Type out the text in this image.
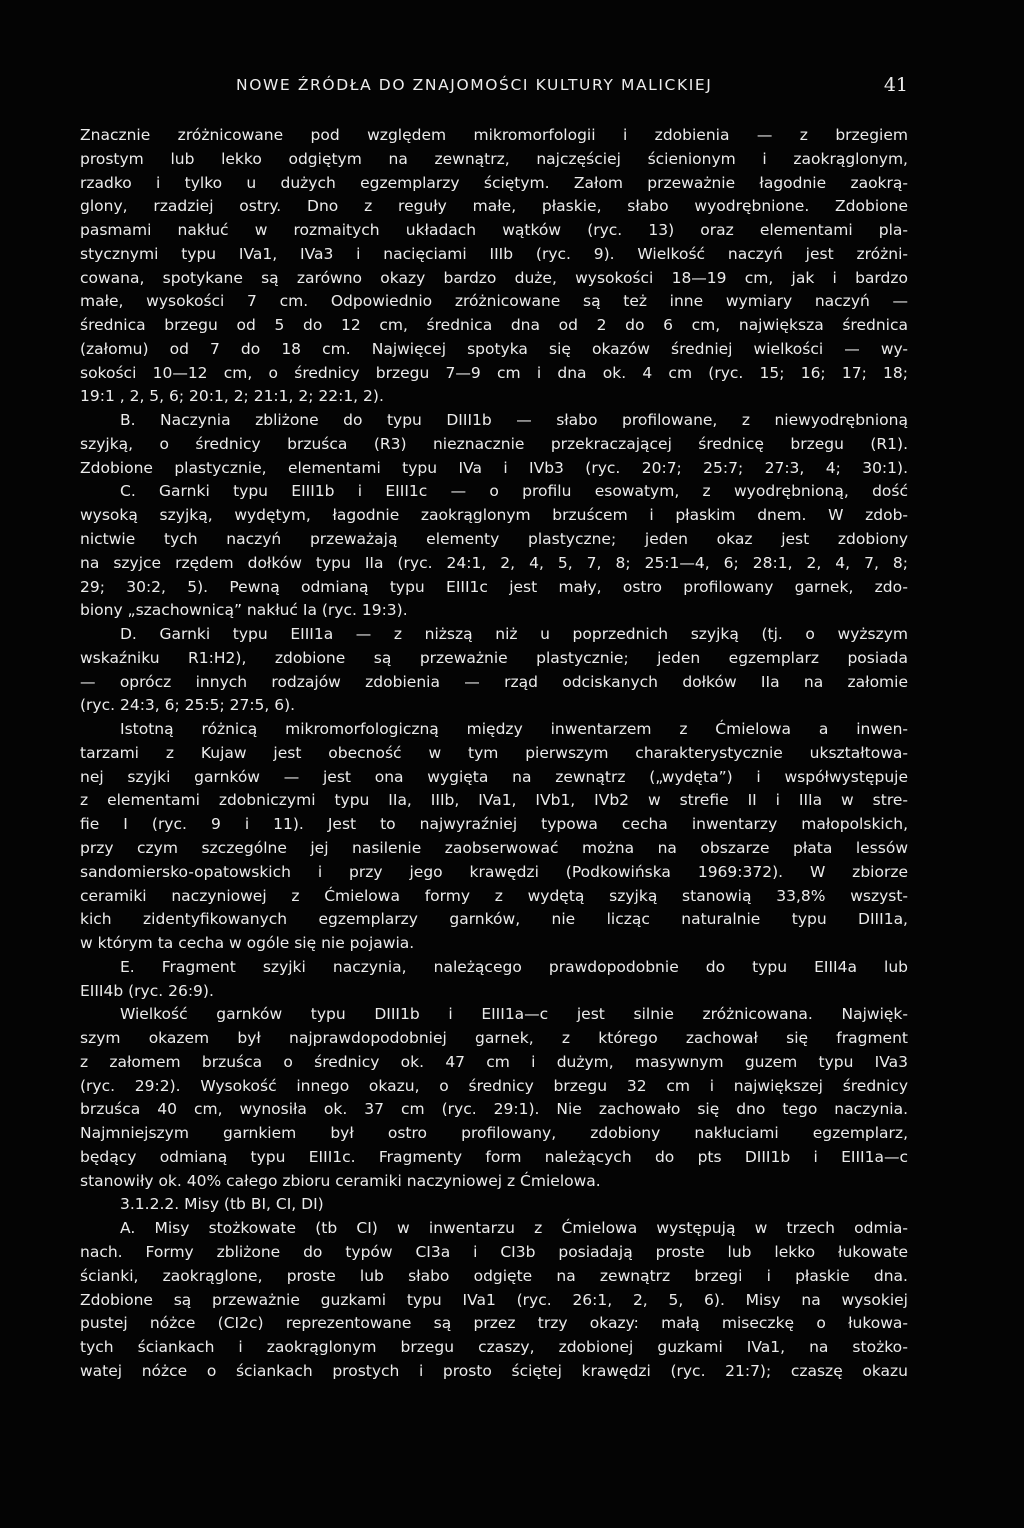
NOWE ŹRÓDŁA DO ZNAJOMOŚCI KULTURY MALICKIEJ	41
Znacznie zróżnicowane pod względem mikromorfologii i zdobienia — z brzegiem
prostym lub lekko odgiętym na zewnątrz, najczęściej ścienionym i zaokrąglonym,
rzadko i tylko u dużych egzemplarzy ściętym. Załom przeważnie łagodnie zaokrą-
glony, rzadziej ostry. Dno z reguły małe, płaskie, słabo wyodrębnione. Zdobione
pasmami nakłuć w rozmaitych układach wątków (ryc. 13) oraz elementami pla-
stycznymi typu IVa1, IVa3 i nacięciami IIIb (ryc. 9). Wielkość naczyń jest zróżni-
cowana, spotykane są zarówno okazy bardzo duże, wysokości 18—19 cm, jak i bardzo
małe, wysokości 7 cm. Odpowiednio zróżnicowane są też inne wymiary naczyń —
średnica brzegu od 5 do 12 cm, średnica dna od 2 do 6 cm, największa średnica
(załomu) od 7 do 18 cm. Najwięcej spotyka się okazów średniej wielkości — wy-
sokości 10—12 cm, o średnicy brzegu 7—9 cm i dna ok. 4 cm (ryc. 15; 16; 17; 18;
19:1 , 2, 5, 6; 20:1, 2; 21:1, 2; 22:1, 2).
B. Naczynia zbliżone do typu DIII1b — słabo profilowane, z niewyodrębnioną
szyjką, o średnicy brzuśca (R3) nieznacznie przekraczającej średnicę brzegu (R1).
Zdobione plastycznie, elementami typu IVa i IVb3 (ryc. 20:7; 25:7; 27:3, 4; 30:1).
C. Garnki typu EIII1b i EIII1c — o profilu esowatym, z wyodrębnioną, dość
wysoką szyjką, wydętym, łagodnie zaokrąglonym brzuścem i płaskim dnem. W zdob-
nictwie tych naczyń przeważają elementy plastyczne; jeden okaz jest zdobiony
na szyjce rzędem dołków typu IIa (ryc. 24:1, 2, 4, 5, 7, 8; 25:1—4, 6; 28:1, 2, 4, 7, 8;
29; 30:2, 5). Pewną odmianą typu EIII1c jest mały, ostro profilowany garnek, zdo-
biony „szachownicą” nakłuć Ia (ryc. 19:3).
D. Garnki typu EIII1a — z niższą niż u poprzednich szyjką (tj. o wyższym
wskaźniku R1:H2), zdobione są przeważnie plastycznie; jeden egzemplarz posiada
— oprócz innych rodzajów zdobienia — rząd odciskanych dołków IIa na załomie
(ryc. 24:3, 6; 25:5; 27:5, 6).
Istotną różnicą mikromorfologiczną między inwentarzem z Ćmielowa a inwen-
tarzami z Kujaw jest obecność w tym pierwszym charakterystycznie ukształtowa-
nej szyjki garnków — jest ona wygięta na zewnątrz („wydęta”) i współwystępuje
z elementami zdobniczymi typu IIa, IIIb, IVa1, IVb1, IVb2 w strefie II i IIIa w stre-
fie I (ryc. 9 i 11). Jest to najwyraźniej typowa cecha inwentarzy małopolskich,
przy czym szczególne jej nasilenie zaobserwować można na obszarze płata lessów
sandomiersko-opatowskich i przy jego krawędzi (Podkowińska 1969:372). W zbiorze
ceramiki naczyniowej z Ćmielowa formy z wydętą szyjką stanowią 33,8% wszyst-
kich zidentyfikowanych egzemplarzy garnków, nie licząc naturalnie typu DIII1a,
w którym ta cecha w ogóle się nie pojawia.
E. Fragment szyjki naczynia, należącego prawdopodobnie do typu EIII4a lub
EIII4b (ryc. 26:9).
Wielkość garnków typu DIII1b i EIII1a—c jest silnie zróżnicowana. Najwięk-
szym okazem był najprawdopodobniej garnek, z którego zachował się fragment
z załomem brzuśca o średnicy ok. 47 cm i dużym, masywnym guzem typu IVa3
(ryc. 29:2). Wysokość innego okazu, o średnicy brzegu 32 cm i największej średnicy
brzuśca 40 cm, wynosiła ok. 37 cm (ryc. 29:1). Nie zachowało się dno tego naczynia.
Najmniejszym garnkiem był ostro profilowany, zdobiony nakłuciami egzemplarz,
będący odmianą typu EIII1c. Fragmenty form należących do pts DIII1b i EIII1a—c
stanowiły ok. 40% całego zbioru ceramiki naczyniowej z Ćmielowa.
3.1.2.2. Misy (tb BI, CI, DI)
A. Misy stożkowate (tb CI) w inwentarzu z Ćmielowa występują w trzech odmia-
nach. Formy zbliżone do typów CI3a i CI3b posiadają proste lub lekko łukowate
ścianki, zaokrąglone, proste lub słabo odgięte na zewnątrz brzegi i płaskie dna.
Zdobione są przeważnie guzkami typu IVa1 (ryc. 26:1, 2, 5, 6). Misy na wysokiej
pustej nóżce (CI2c) reprezentowane są przez trzy okazy: małą miseczkę o łukowa-
tych ściankach i zaokrąglonym brzegu czaszy, zdobionej guzkami IVa1, na stożko-
watej nóżce o ściankach prostych i prosto ściętej krawędzi (ryc. 21:7); czaszę okazu
